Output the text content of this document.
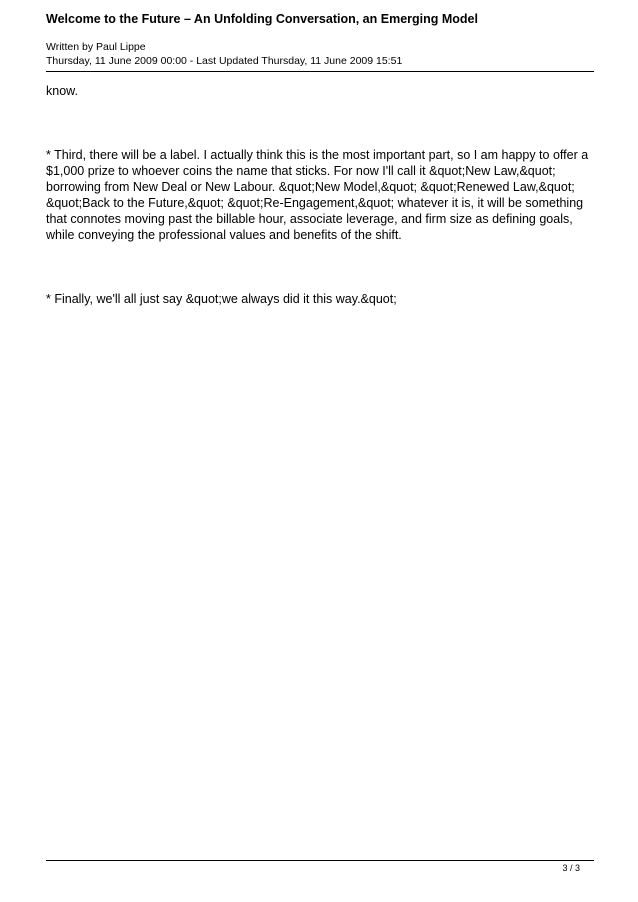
Welcome to the Future – An Unfolding Conversation, an Emerging Model
Written by Paul Lippe
Thursday, 11 June 2009 00:00 - Last Updated Thursday, 11 June 2009 15:51
know.
* Third, there will be a label. I actually think this is the most important part, so I am happy to offer a $1,000 prize to whoever coins the name that sticks. For now I'll call it &quot;New Law,&quot; borrowing from New Deal or New Labour. &quot;New Model,&quot; &quot;Renewed Law,&quot; &quot;Back to the Future,&quot; &quot;Re-Engagement,&quot; whatever it is, it will be something that connotes moving past the billable hour, associate leverage, and firm size as defining goals, while conveying the professional values and benefits of the shift.
* Finally, we'll all just say &quot;we always did it this way.&quot;
3 / 3
